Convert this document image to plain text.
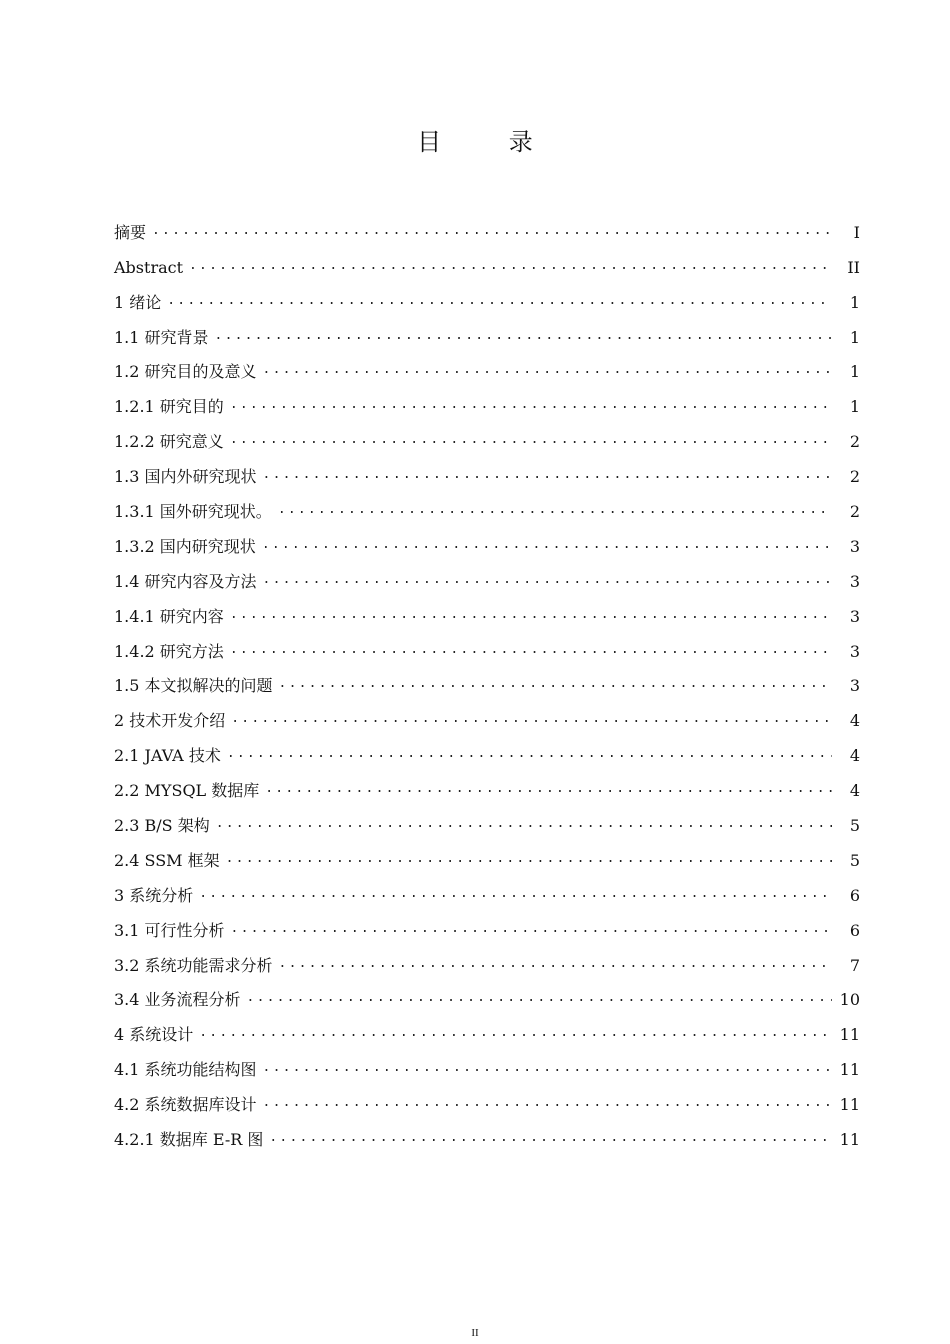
目 录
摘要 .....	I
Abstract .....	II
1 绪论 .....	1
1.1 研究背景 .....	1
1.2 研究目的及意义 .....	1
1.2.1 研究目的 .....	1
1.2.2 研究意义 .....	2
1.3 国内外研究现状 .....	2
1.3.1 国外研究现状。 .....	2
1.3.2 国内研究现状 .....	3
1.4 研究内容及方法 .....	3
1.4.1 研究内容 .....	3
1.4.2 研究方法 .....	3
1.5 本文拟解决的问题 .....	3
2 技术开发介绍 .....	4
2.1 JAVA 技术 .....	4
2.2 MYSQL 数据库 .....	4
2.3 B/S 架构 .....	5
2.4 SSM 框架 .....	5
3 系统分析 .....	6
3.1 可行性分析 .....	6
3.2 系统功能需求分析 .....	7
3.4 业务流程分析 .....	10
4 系统设计 .....	11
4.1 系统功能结构图 .....	11
4.2 系统数据库设计 .....	11
4.2.1 数据库 E-R 图 .....	11
II
